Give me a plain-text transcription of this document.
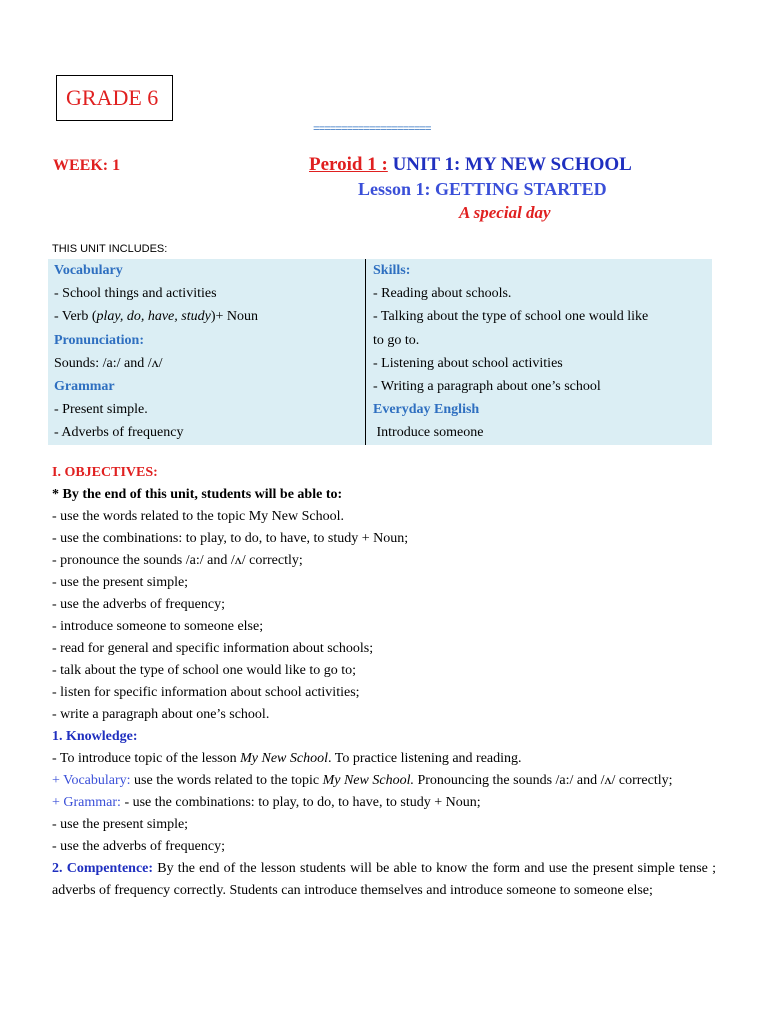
GRADE 6
=====================
WEEK: 1	Peroid 1 : UNIT 1: MY NEW SCHOOL
Lesson 1: GETTING STARTED
A special day
THIS UNIT INCLUDES:
Vocabulary
- School things and activities
- Verb (play, do, have, study)+ Noun
Pronunciation:
Sounds: /a:/ and /ʌ/
Grammar
- Present simple.
- Adverbs of frequency
Skills:
- Reading about schools.
- Talking about the type of school one would like
to go to.
- Listening about school activities
- Writing a paragraph about one’s school
Everyday English
Introduce someone
I. OBJECTIVES:
* By the end of this unit, students will be able to:
- use the words related to the topic My New School.
- use the combinations: to play, to do, to have, to study + Noun;
- pronounce the sounds /a:/ and /ʌ/ correctly;
- use the present simple;
- use the adverbs of frequency;
- introduce someone to someone else;
- read for general and specific information about schools;
- talk about the type of school one would like to go to;
- listen for specific information about school activities;
- write a paragraph about one’s school.
1. Knowledge:
- To introduce topic of the lesson My New School. To practice listening and reading.
+ Vocabulary: use the words related to the topic My New School. Pronouncing the sounds /a:/ and /ʌ/ correctly;
+ Grammar: - use the combinations: to play, to do, to have, to study + Noun;
- use the present simple;
- use the adverbs of frequency;
2. Compentence: By the end of the lesson students will be able to know the form and use the present simple tense ; adverbs of frequency correctly. Students can introduce themselves and introduce someone to someone else;
